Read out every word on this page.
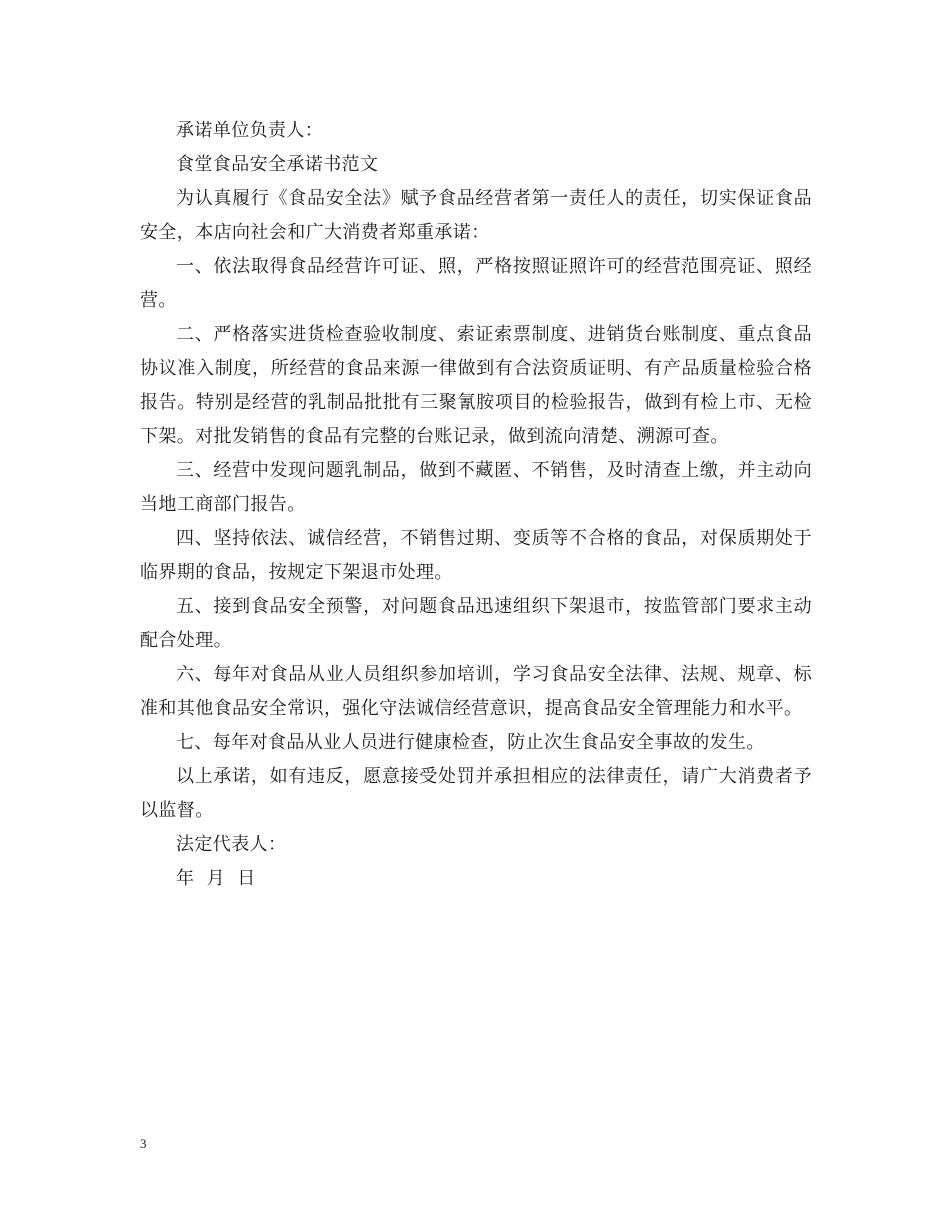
承诺单位负责人：

食堂食品安全承诺书范文

为认真履行《食品安全法》赋予食品经营者第一责任人的责任，切实保证食品安全，本店向社会和广大消费者郑重承诺：

一、依法取得食品经营许可证、照，严格按照证照许可的经营范围亮证、照经营。

二、严格落实进货检查验收制度、索证索票制度、进销货台账制度、重点食品协议准入制度，所经营的食品来源一律做到有合法资质证明、有产品质量检验合格报告。特别是经营的乳制品批批有三聚氰胺项目的检验报告，做到有检上市、无检下架。对批发销售的食品有完整的台账记录，做到流向清楚、溯源可查。

三、经营中发现问题乳制品，做到不藏匿、不销售，及时清查上缴，并主动向当地工商部门报告。

四、坚持依法、诚信经营，不销售过期、变质等不合格的食品，对保质期处于临界期的食品，按规定下架退市处理。

五、接到食品安全预警，对问题食品迅速组织下架退市，按监管部门要求主动配合处理。

六、每年对食品从业人员组织参加培训，学习食品安全法律、法规、规章、标准和其他食品安全常识，强化守法诚信经营意识，提高食品安全管理能力和水平。

七、每年对食品从业人员进行健康检查，防止次生食品安全事故的发生。

以上承诺，如有违反，愿意接受处罚并承担相应的法律责任，请广大消费者予以监督。

法定代表人：

年  月  日

3
